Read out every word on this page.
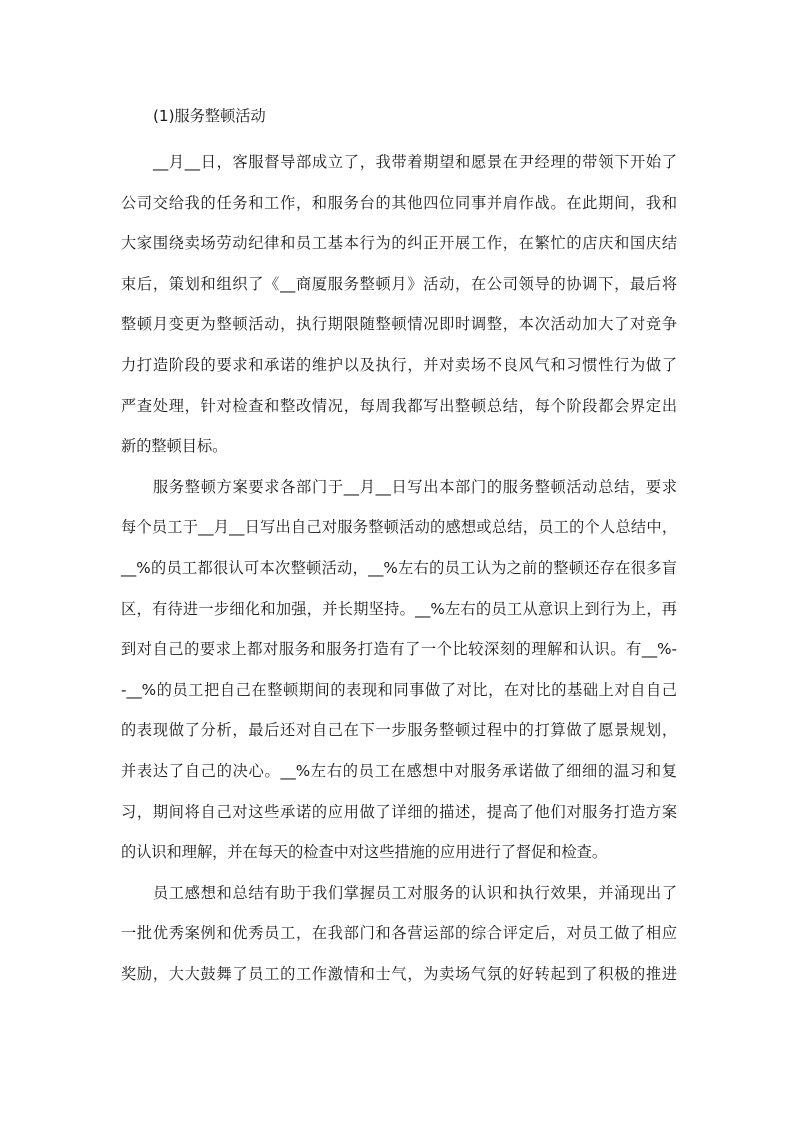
(1)服务整顿活动
__月__日，客服督导部成立了，我带着期望和愿景在尹经理的带领下开始了
公司交给我的任务和工作，和服务台的其他四位同事并肩作战。在此期间，我和
大家围绕卖场劳动纪律和员工基本行为的纠正开展工作，在繁忙的店庆和国庆结
束后，策划和组织了《__商厦服务整顿月》活动，在公司领导的协调下，最后将
整顿月变更为整顿活动，执行期限随整顿情况即时调整，本次活动加大了对竞争
力打造阶段的要求和承诺的维护以及执行，并对卖场不良风气和习惯性行为做了
严查处理，针对检查和整改情况，每周我都写出整顿总结，每个阶段都会界定出
新的整顿目标。
服务整顿方案要求各部门于__月__日写出本部门的服务整顿活动总结，要求
每个员工于__月__日写出自己对服务整顿活动的感想或总结，员工的个人总结中，
__%的员工都很认可本次整顿活动，__%左右的员工认为之前的整顿还存在很多盲
区，有待进一步细化和加强，并长期坚持。__%左右的员工从意识上到行为上，再
到对自己的要求上都对服务和服务打造有了一个比较深刻的理解和认识。有__%-
-__%的员工把自己在整顿期间的表现和同事做了对比，在对比的基础上对自自己
的表现做了分析，最后还对自己在下一步服务整顿过程中的打算做了愿景规划，
并表达了自己的决心。__%左右的员工在感想中对服务承诺做了细细的温习和复
习，期间将自己对这些承诺的应用做了详细的描述，提高了他们对服务打造方案
的认识和理解，并在每天的检查中对这些措施的应用进行了督促和检查。
员工感想和总结有助于我们掌握员工对服务的认识和执行效果，并涌现出了
一批优秀案例和优秀员工，在我部门和各营运部的综合评定后，对员工做了相应
奖励，大大鼓舞了员工的工作激情和士气，为卖场气氛的好转起到了积极的推进
